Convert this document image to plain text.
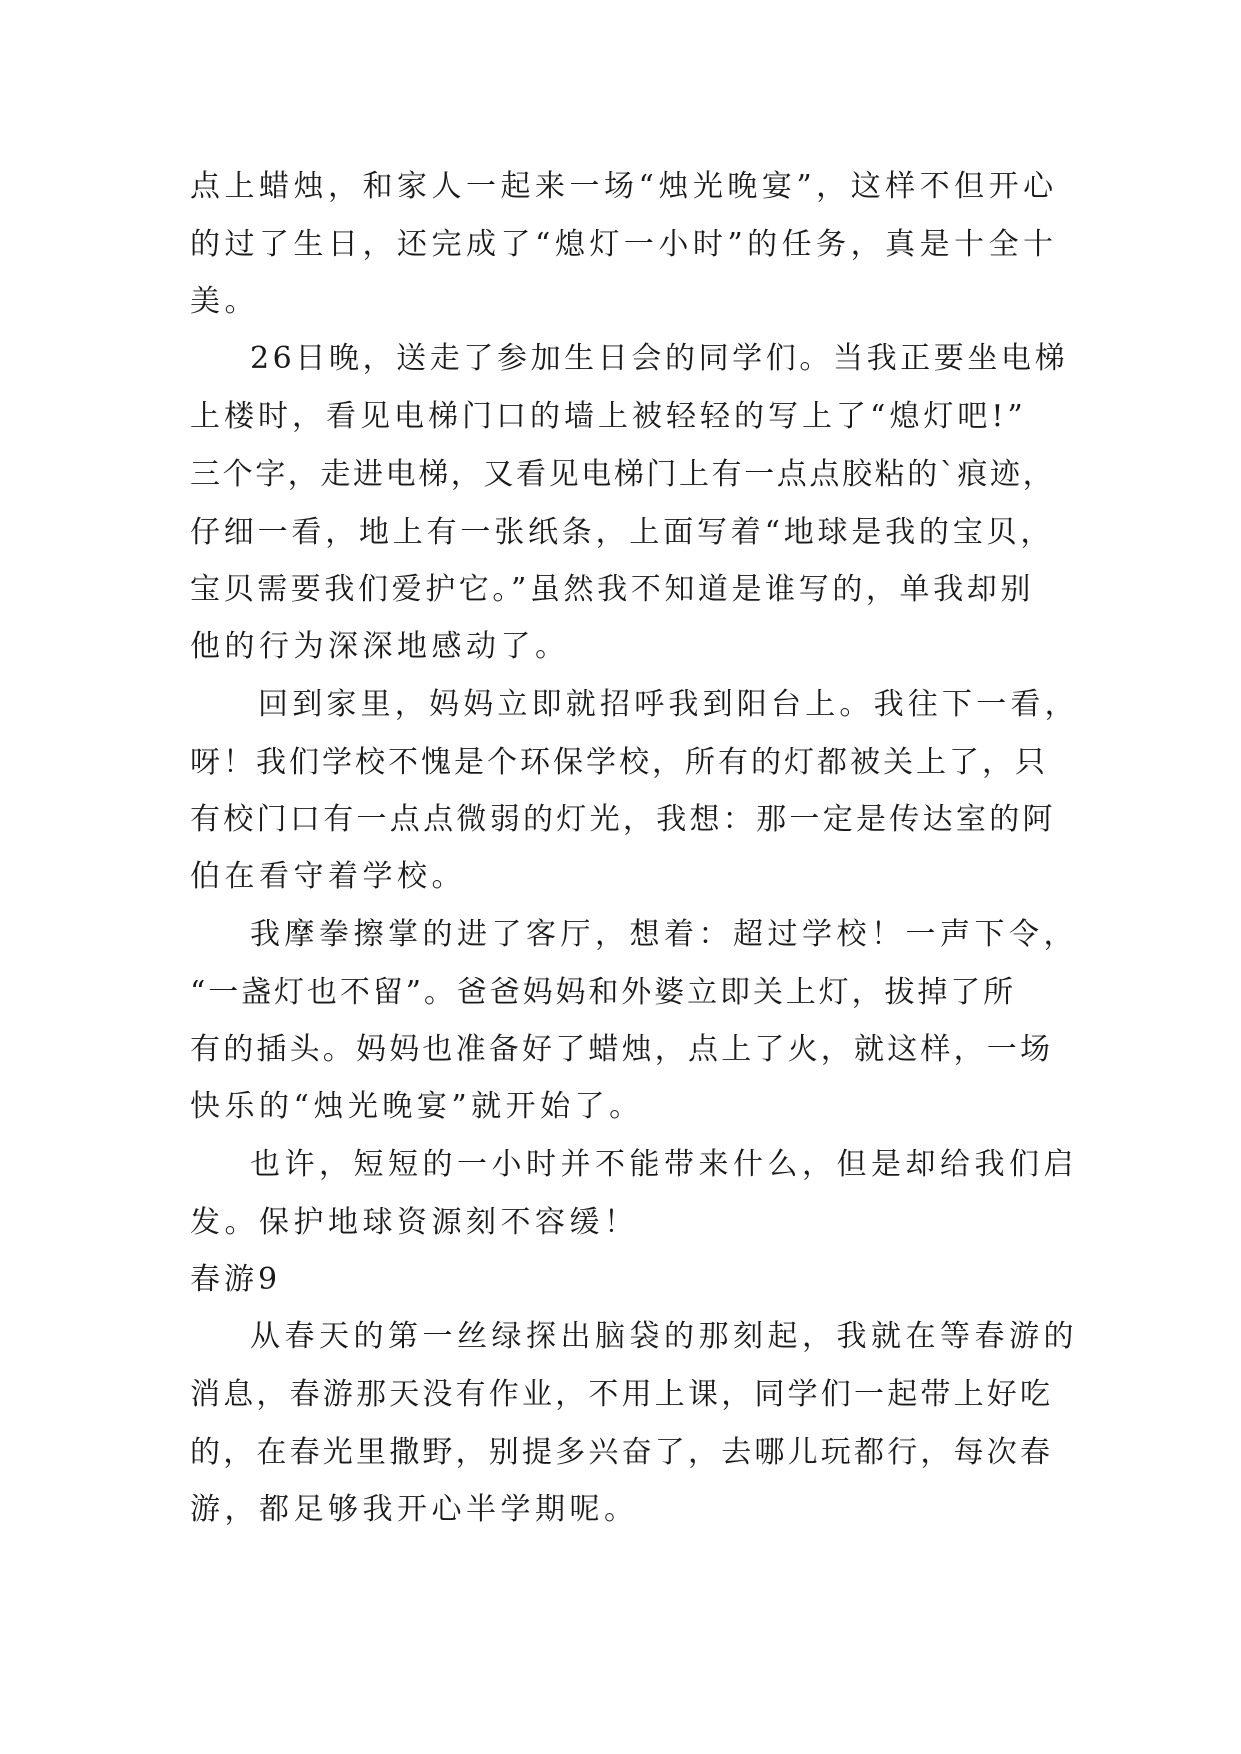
点上蜡烛，和家人一起来一场“烛光晚宴”，这样不但开心
的过了生日，还完成了“熄灯一小时”的任务，真是十全十
美。
26日晚，送走了参加生日会的同学们。当我正要坐电梯
上楼时，看见电梯门口的墙上被轻轻的写上了“熄灯吧!”
三个字，走进电梯，又看见电梯门上有一点点胶粘的`痕迹，
仔细一看，地上有一张纸条，上面写着“地球是我的宝贝，
宝贝需要我们爱护它。”虽然我不知道是谁写的，单我却别
他的行为深深地感动了。
回到家里，妈妈立即就招呼我到阳台上。我往下一看，
呀！我们学校不愧是个环保学校，所有的灯都被关上了，只
有校门口有一点点微弱的灯光，我想：那一定是传达室的阿
伯在看守着学校。
我摩拳擦掌的进了客厅，想着：超过学校！一声下令，
“一盏灯也不留”。爸爸妈妈和外婆立即关上灯，拔掉了所
有的插头。妈妈也准备好了蜡烛，点上了火，就这样，一场
快乐的“烛光晚宴”就开始了。
也许，短短的一小时并不能带来什么，但是却给我们启
发。保护地球资源刻不容缓！
春游9
从春天的第一丝绿探出脑袋的那刻起，我就在等春游的
消息，春游那天没有作业，不用上课，同学们一起带上好吃
的，在春光里撒野，别提多兴奋了，去哪儿玩都行，每次春
游，都足够我开心半学期呢。
